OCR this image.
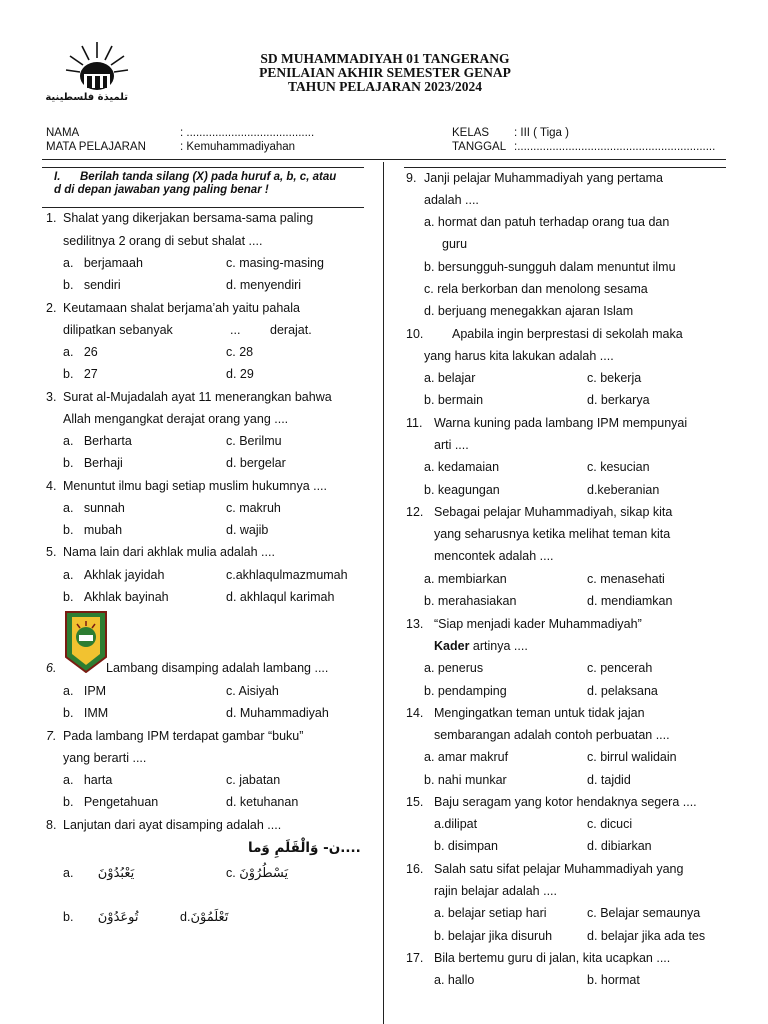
تلميذة فلسطينية
SD MUHAMMADIYAH 01 TANGERANG
PENILAIAN AKHIR SEMESTER GENAP
TAHUN PELAJARAN 2023/2024
NAMA	: ........................................
MATA PELAJARAN	: Kemuhammadiyahan
KELAS : III ( Tiga )
TANGGAL :..............................................................
I. Berilah tanda silang (X) pada huruf a, b, c, atau
d di depan jawaban yang paling benar !
1. Shalat yang dikerjakan bersama-sama paling
sedilitnya 2 orang di sebut shalat ....
a.   berjamaah	c. masing-masing
b.   sendiri	d. menyendiri
2. Keutamaan shalat berjama’ah yaitu pahala
dilipatkan sebanyak	... derajat.
a.   26	c. 28
b.   27	d. 29
3. Surat al-Mujadalah ayat 11 menerangkan bahwa
Allah mengangkat derajat orang yang ....
a.   Berharta	c. Berilmu
b.   Berhaji	d. bergelar
4. Menuntut ilmu bagi setiap muslim hukumnya ....
a.   sunnah	c. makruh
b.   mubah	d. wajib
5. Nama lain dari akhlak mulia adalah ....
a.   Akhlak jayidah	c.akhlaqulmazmumah
b.   Akhlak bayinah	d. akhlaqul karimah
6.	Lambang disamping adalah lambang ....
a.   IPM	c. Aisiyah
b.   IMM	d. Muhammadiyah
7. Pada lambang IPM terdapat gambar “buku”
yang berarti ....
a.   harta	c. jabatan
b.   Pengetahuan	d. ketuhanan
8. Lanjutan dari ayat disamping adalah ....
....ن- وَالْقَلَمِ وَما
a.       يَعْبُدُوْنَ	c. يَسْطُرُوْنَ
b.       تُوعَدُوْنَ	d.تَعْلَمُوْنَ
9. Janji pelajar Muhammadiyah yang pertama
adalah ....
a. hormat dan patuh terhadap orang tua dan
guru
b. bersungguh-sungguh dalam menuntut ilmu
c. rela berkorban dan menolong sesama
d. berjuang menegakkan ajaran Islam
10. Apabila ingin berprestasi di sekolah maka
yang harus kita lakukan adalah ....
a. belajar	c. bekerja
b. bermain	d. berkarya
11. Warna kuning pada lambang IPM mempunyai
arti ....
a. kedamaian	c. kesucian
b. keagungan	d.keberanian
12. Sebagai pelajar Muhammadiyah, sikap kita
yang seharusnya ketika melihat teman kita
mencontek adalah ....
a. membiarkan	c. menasehati
b. merahasiakan	d. mendiamkan
13. “Siap menjadi kader Muhammadiyah”
Kader artinya ....
a. penerus	c. pencerah
b. pendamping	d. pelaksana
14. Mengingatkan teman untuk tidak jajan
sembarangan adalah contoh perbuatan ....
a. amar makruf	c. birrul walidain
b. nahi munkar	d. tajdid
15. Baju seragam yang kotor hendaknya segera ....
a.dilipat	c. dicuci
b. disimpan	d. dibiarkan
16. Salah satu sifat pelajar Muhammadiyah yang
rajin belajar adalah ....
a. belajar setiap hari	c. Belajar semaunya
b. belajar jika disuruh	d. belajar jika ada tes
17. Bila bertemu guru di jalan, kita ucapkan ....
a. hallo	b. hormat
